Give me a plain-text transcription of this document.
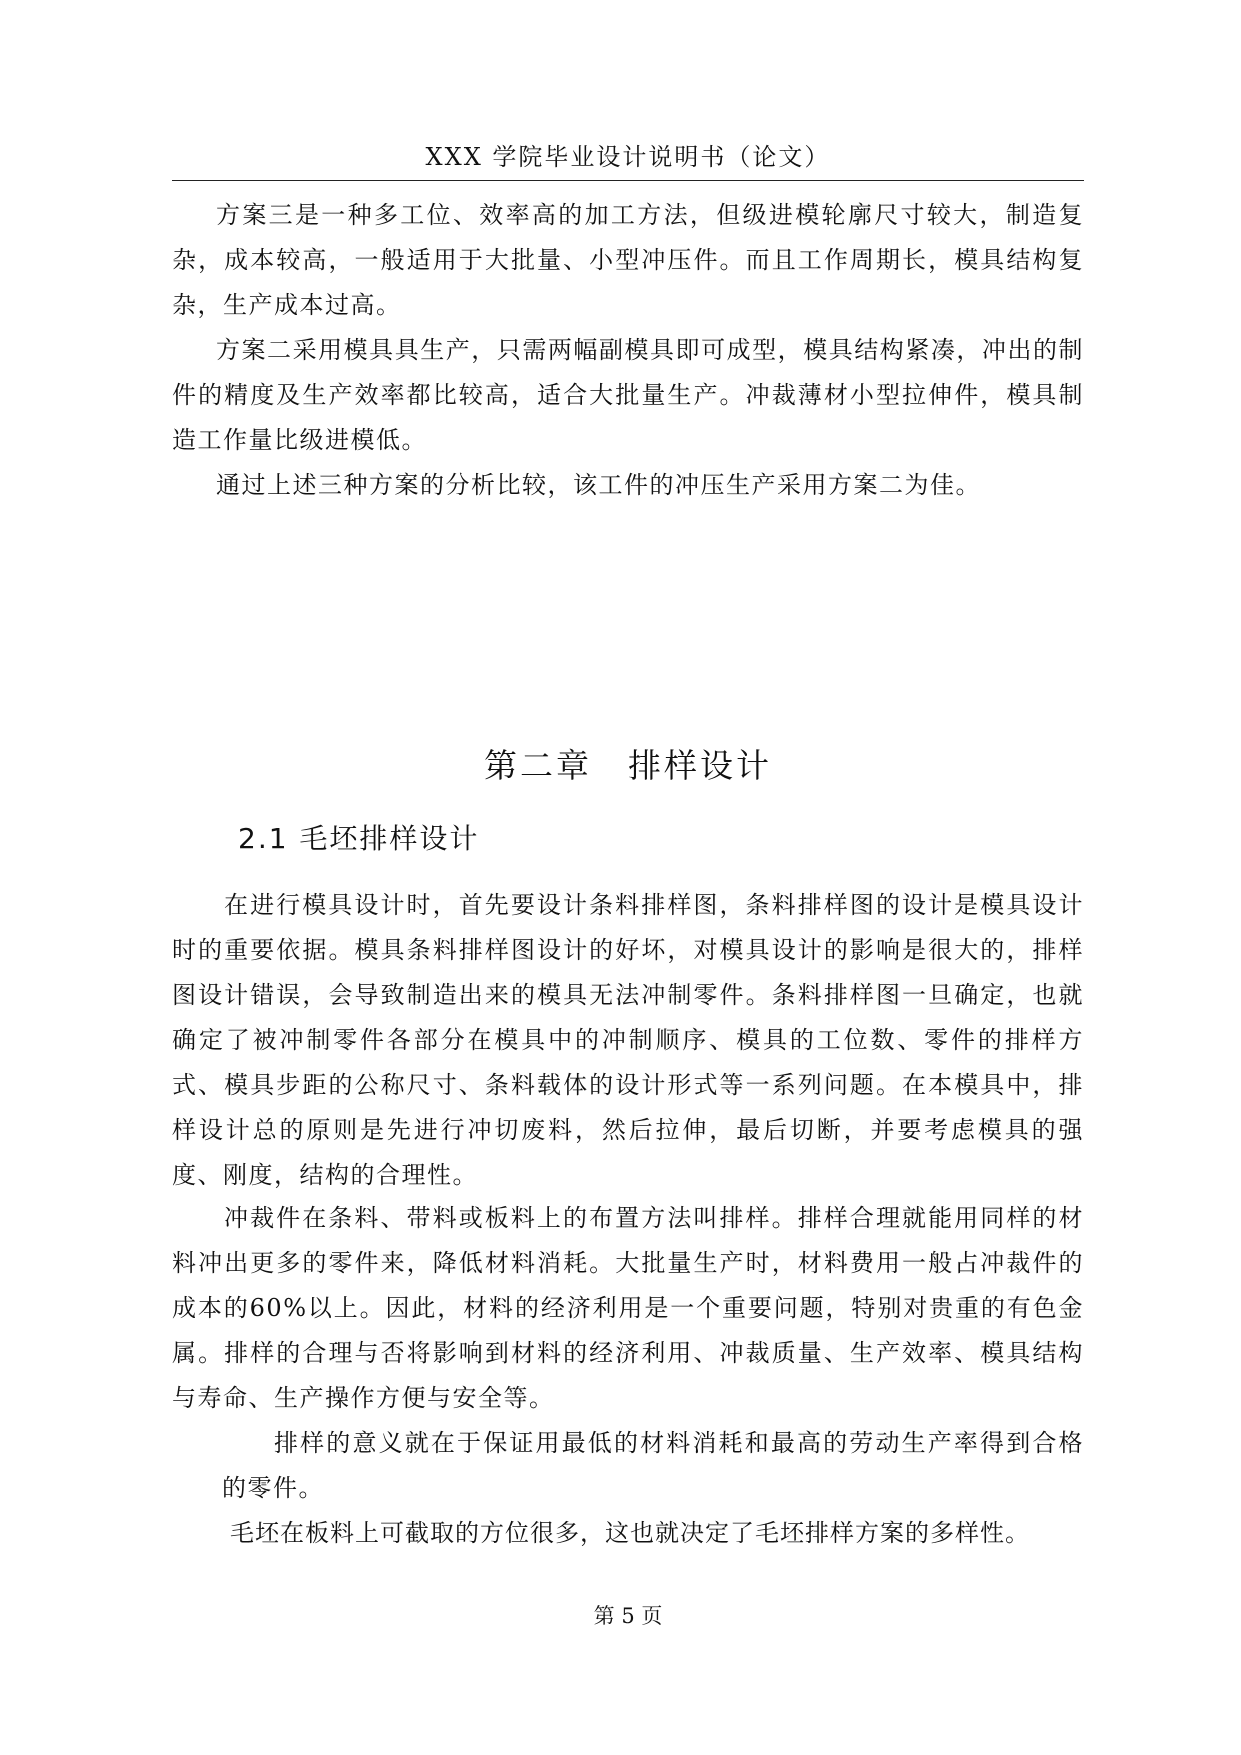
XXX 学院毕业设计说明书（论文）

方案三是一种多工位、效率高的加工方法，但级进模轮廓尺寸较大，制造复杂，成本较高，一般适用于大批量、小型冲压件。而且工作周期长，模具结构复杂，生产成本过高。

方案二采用模具具生产，只需两幅副模具即可成型，模具结构紧凑，冲出的制件的精度及生产效率都比较高，适合大批量生产。冲裁薄材小型拉伸件，模具制造工作量比级进模低。

通过上述三种方案的分析比较，该工件的冲压生产采用方案二为佳。

第二章　排样设计
2.1 毛坯排样设计

在进行模具设计时，首先要设计条料排样图，条料排样图的设计是模具设计时的重要依据。模具条料排样图设计的好坏，对模具设计的影响是很大的，排样图设计错误，会导致制造出来的模具无法冲制零件。条料排样图一旦确定，也就确定了被冲制零件各部分在模具中的冲制顺序、模具的工位数、零件的排样方式、模具步距的公称尺寸、条料载体的设计形式等一系列问题。在本模具中，排样设计总的原则是先进行冲切废料，然后拉伸，最后切断，并要考虑模具的强度、刚度，结构的合理性。

冲裁件在条料、带料或板料上的布置方法叫排样。排样合理就能用同样的材料冲出更多的零件来，降低材料消耗。大批量生产时，材料费用一般占冲裁件的成本的60%以上。因此，材料的经济利用是一个重要问题，特别对贵重的有色金属。排样的合理与否将影响到材料的经济利用、冲裁质量、生产效率、模具结构与寿命、生产操作方便与安全等。

排样的意义就在于保证用最低的材料消耗和最高的劳动生产率得到合格的零件。

毛坯在板料上可截取的方位很多，这也就决定了毛坯排样方案的多样性。

第 5 页
